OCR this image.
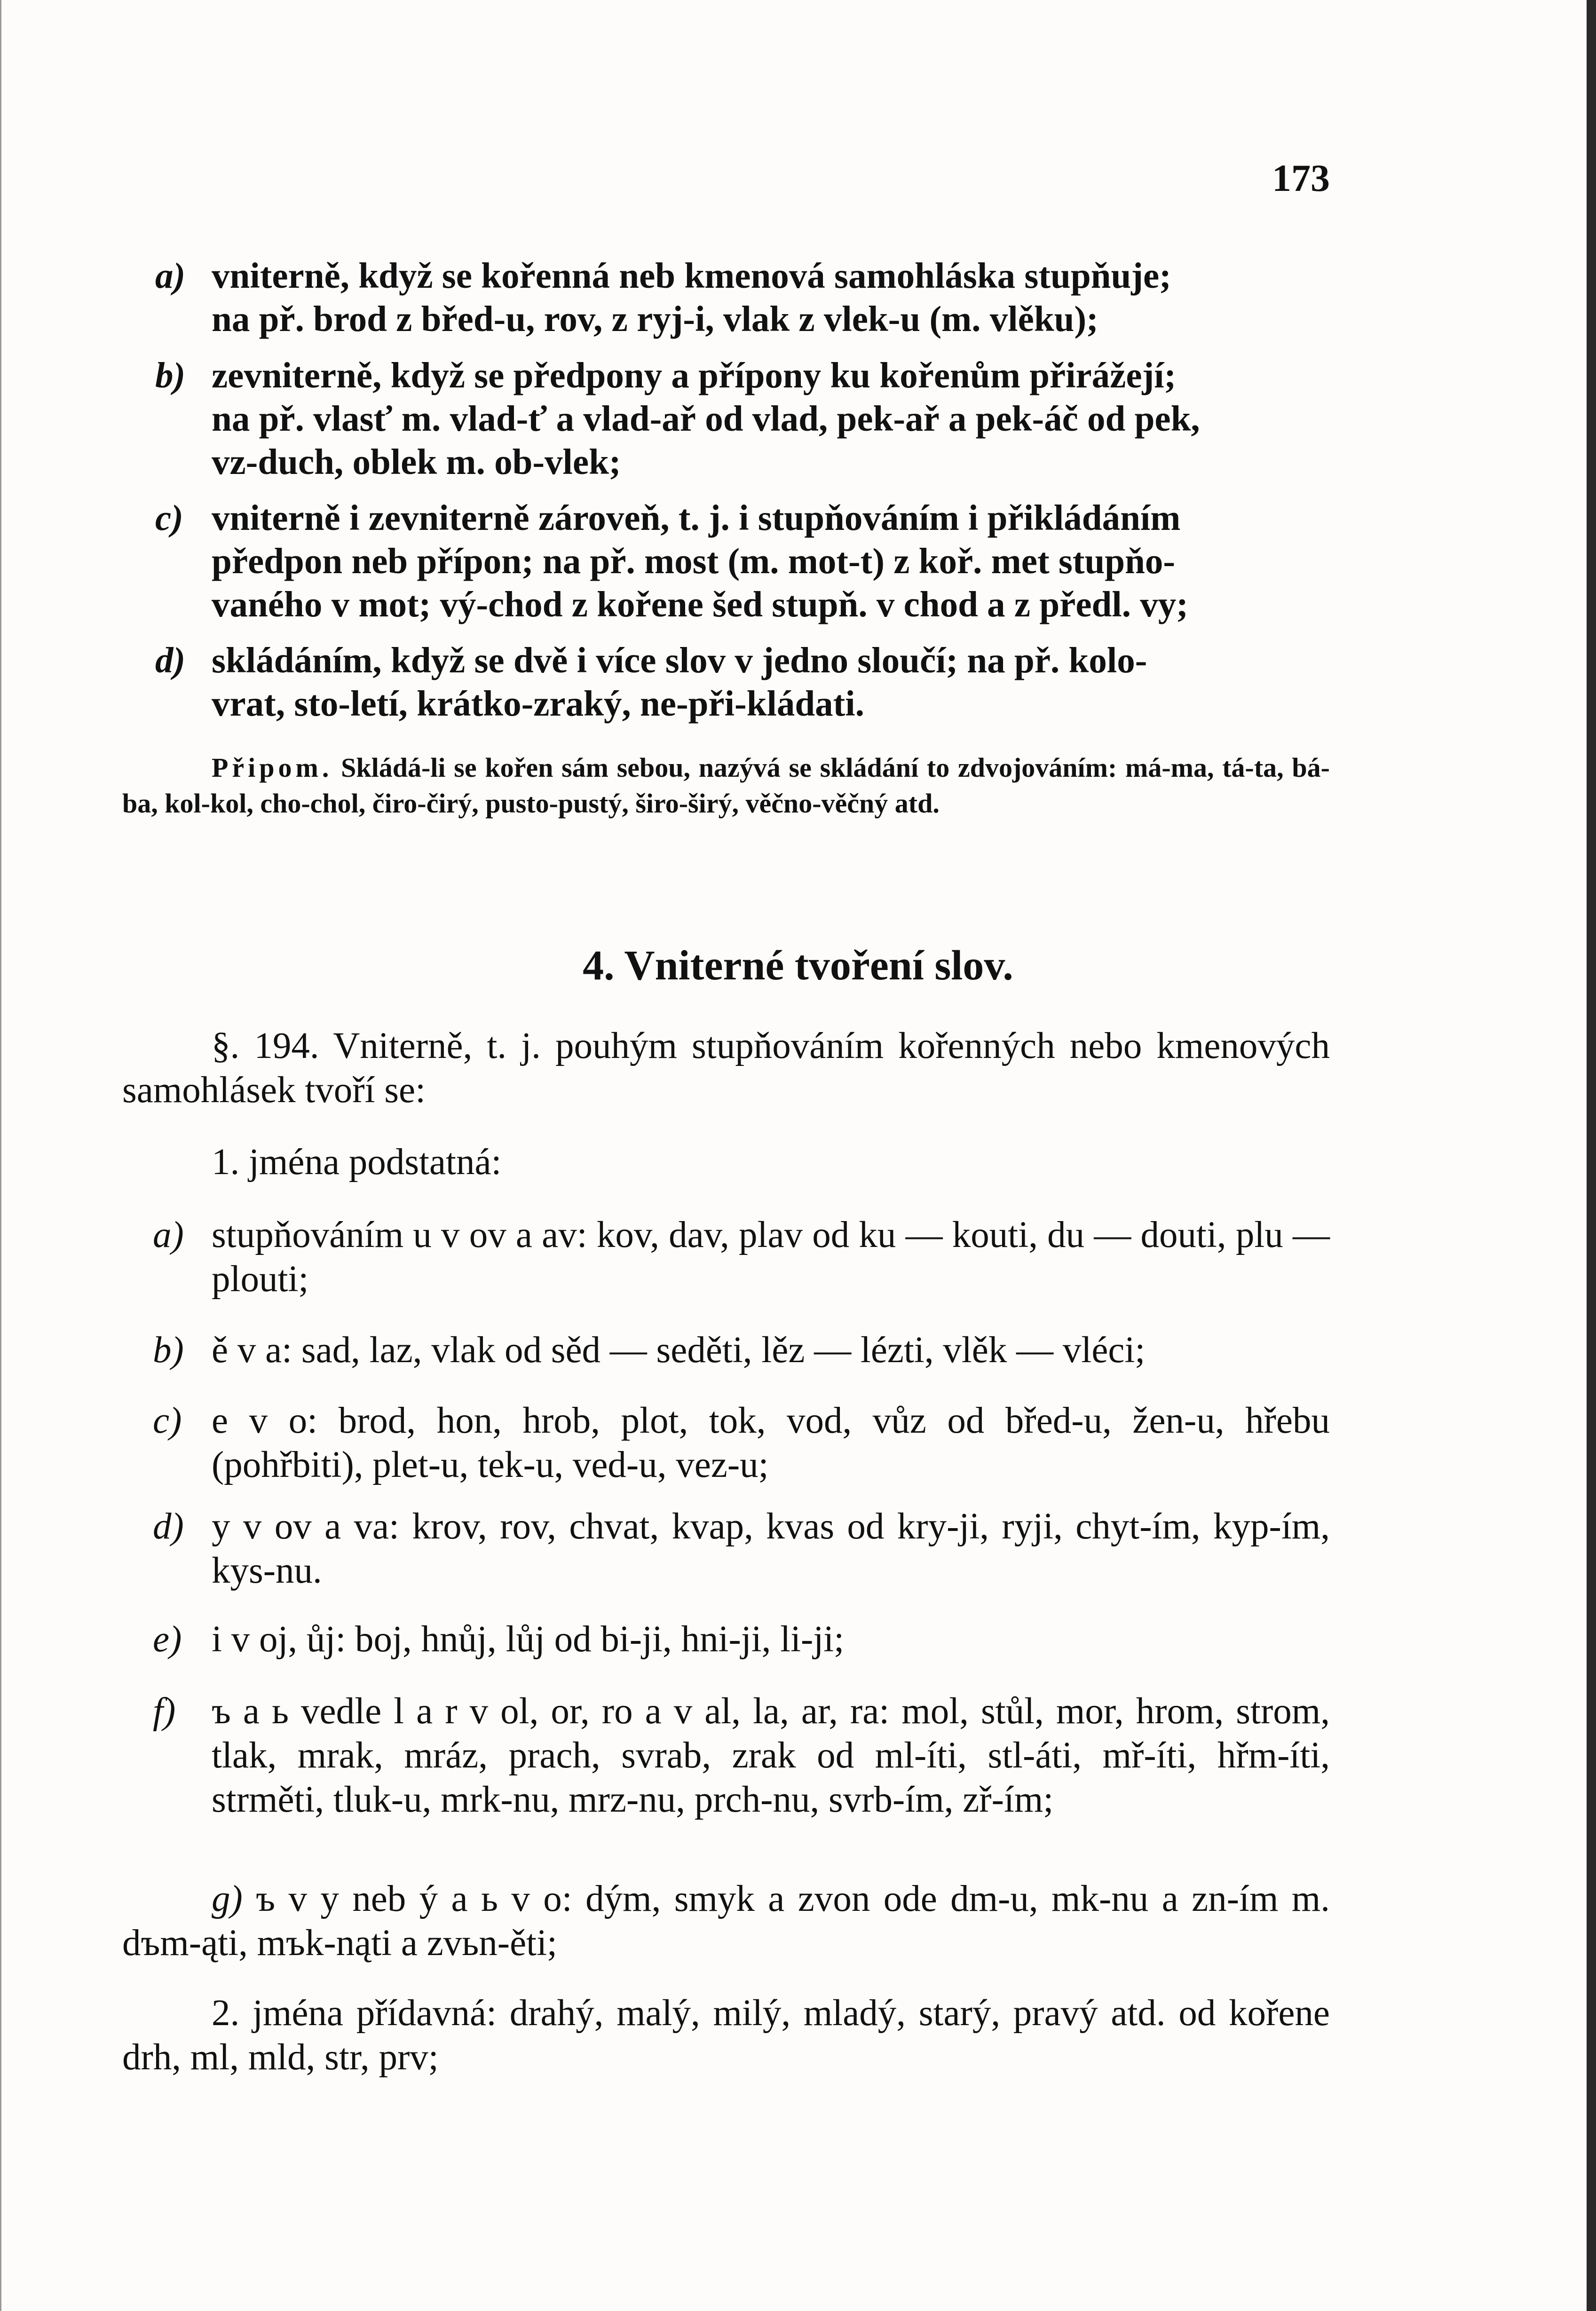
173
a) vniterně, když se kořenná neb kmenová samohláska stupňuje;
na př. brod z břed-u, rov, z ryj-i, vlak z vlek-u (m. vlěku);
b) zevniterně, když se předpony a přípony ku kořenům přirážejí;
na př. vlasť m. vlad-ť a vlad-ař od vlad, pek-ař a pek-áč od pek,
vz-duch, oblek m. ob-vlek;
c) vniterně i zevniterně zároveň, t. j. i stupňováním i přikládáním
předpon neb přípon; na př. most (m. mot-t) z koř. met stupňo-
vaného v mot; vý-chod z kořene šed stupň. v chod a z předl. vy;
d) skládáním, když se dvě i více slov v jedno sloučí; na př. kolo-
vrat, sto-letí, krátko-zraký, ne-při-kládati.
Připom. Skládá-li se kořen sám sebou, nazývá se skládání to zdvojováním: má-ma, tá-ta, bá-ba, kol-kol, cho-chol, čiro-čirý, pusto-pustý, širo-širý, věčno-věčný atd.
4. Vniterné tvoření slov.
§. 194. Vniterně, t. j. pouhým stupňováním kořenných nebo kmenových samohlásek tvoří se:
1. jména podstatná:
a) stupňováním u v ov a av: kov, dav, plav od ku — kouti, du — douti, plu — plouti;
b) ě v a: sad, laz, vlak od sěd — seděti, lěz — lézti, vlěk — vléci;
c) e v o: brod, hon, hrob, plot, tok, vod, vůz od břed-u, žen-u, hřebu (pohřbiti), plet-u, tek-u, ved-u, vez-u;
d) y v ov a va: krov, rov, chvat, kvap, kvas od kry-ji, ryji, chyt-ím, kyp-ím, kys-nu.
e) i v oj, ůj: boj, hnůj, lůj od bi-ji, hni-ji, li-ji;
f) ъ a ь vedle l a r v ol, or, ro a v al, la, ar, ra: mol, stůl, mor, hrom, strom, tlak, mrak, mráz, prach, svrab, zrak od ml-íti, stl-áti, mř-íti, hřm-íti, strměti, tluk-u, mrk-nu, mrz-nu, prch-nu, svrb-ím, zř-ím;
g) ъ v y neb ý a ь v o: dým, smyk a zvon ode dm-u, mk-nu a zn-ím m. dъm-ąti, mъk-nąti a zvьn-ěti;
2. jména přídavná: drahý, malý, milý, mladý, starý, pravý atd. od kořene drh, ml, mld, str, prv;
